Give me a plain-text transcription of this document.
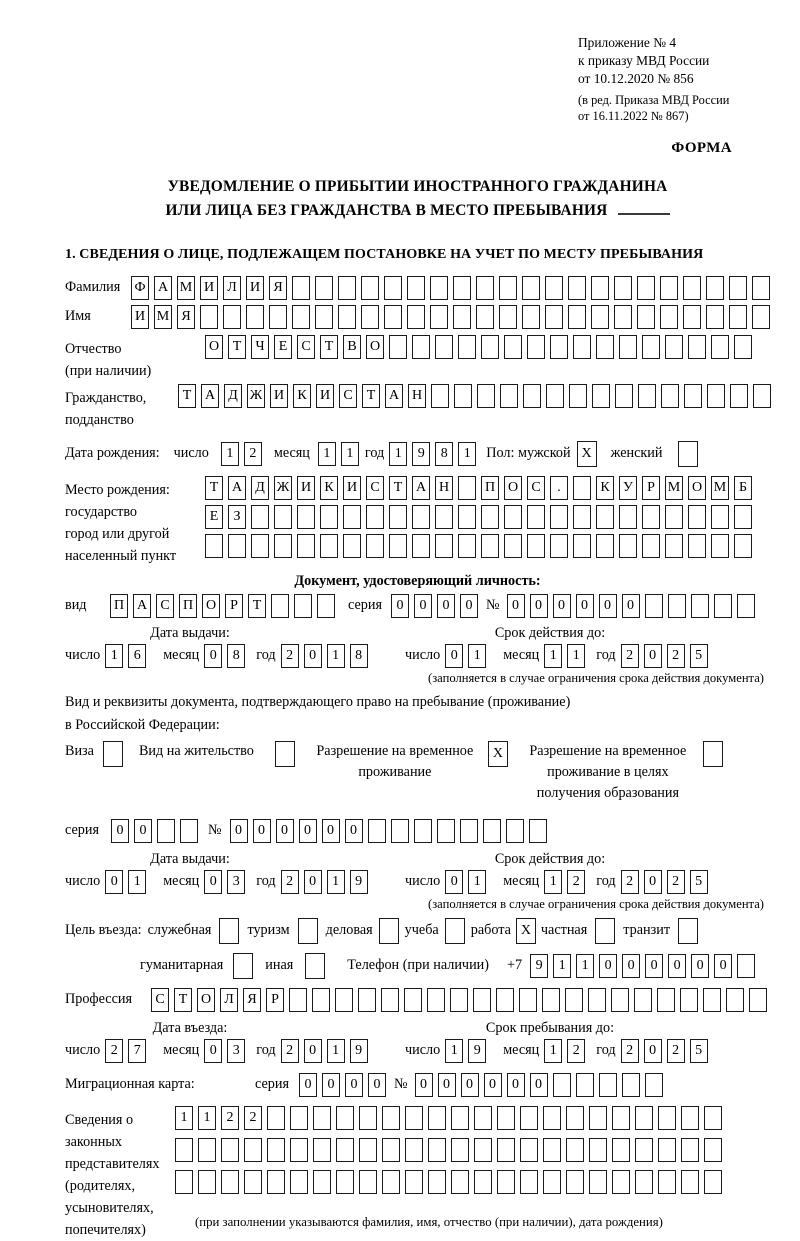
Приложение № 4
к приказу МВД России
от 10.12.2020 № 856
(в ред. Приказа МВД России
от 16.11.2022 № 867)
ФОРМА
УВЕДОМЛЕНИЕ О ПРИБЫТИИ ИНОСТРАННОГО ГРАЖДАНИНА
ИЛИ ЛИЦА БЕЗ ГРАЖДАНСТВА В МЕСТО ПРЕБЫВАНИЯ
1. СВЕДЕНИЯ О ЛИЦЕ, ПОДЛЕЖАЩЕМ ПОСТАНОВКЕ НА УЧЕТ ПО МЕСТУ ПРЕБЫВАНИЯ
Фамилия	Ф А М И Л И Я
Имя	И М Я
Отчество
(при наличии)
О Т	Ч	Е	С	Т	В О
Гражданство,
подданство
Т А Д Ж И К И С	Т А Н
Дата рождения: число	1	2	месяц 1	1 год 1	9	8	1	Пол: мужской X	женский
Место рождения:
государство
город или другой
населенный пункт
Т А Д Ж И К И С	Т А Н	П О С	.	К У	Р М О М Б
Е	З
Документ, удостоверяющий личность:
вид	П А С П О	Р	Т	серия	0	0	0	0 № 0	0	0	0	0	0
Дата выдачи:
число 1	6	месяц 0	8	год 2	0	1	8
Срок действия до:
число 0	1	месяц 1	1	год 2	0	2	5
(заполняется в случае ограничения срока действия документа)
Вид и реквизиты документа, подтверждающего право на пребывание (проживание)
в Российской Федерации:
Виза	Вид на жительство	Разрешение на временное проживание
X	Разрешение на временное проживание в целях получения образования
серия	0	0	№ 0	0	0	0	0	0
Дата выдачи:
число 0	1	месяц 0	3	год 2	0	1	9
Срок действия до:
число 0	1	месяц 1	2	год 2	0	2	5
(заполняется в случае ограничения срока действия документа)
Цель въезда: служебная	туризм	деловая учеба работа X частная	транзит
гуманитарная	иная	Телефон (при наличии) +7 9	1	1	0	0	0	0	0	0
Профессия	С	Т О Л Я	Р
Дата въезда:
число 2	7	месяц 0	3	год 2	0	1	9
Срок пребывания до:
число 1	9	месяц 1	2	год 2	0	2	5
Миграционная карта:	серия	0	0	0	0 № 0	0	0	0	0	0
Сведения о
законных
представителях
(родителях,
усыновителях,
попечителях)
1	1	2	2
(при заполнении указываются фамилия, имя, отчество (при наличии), дата рождения)
